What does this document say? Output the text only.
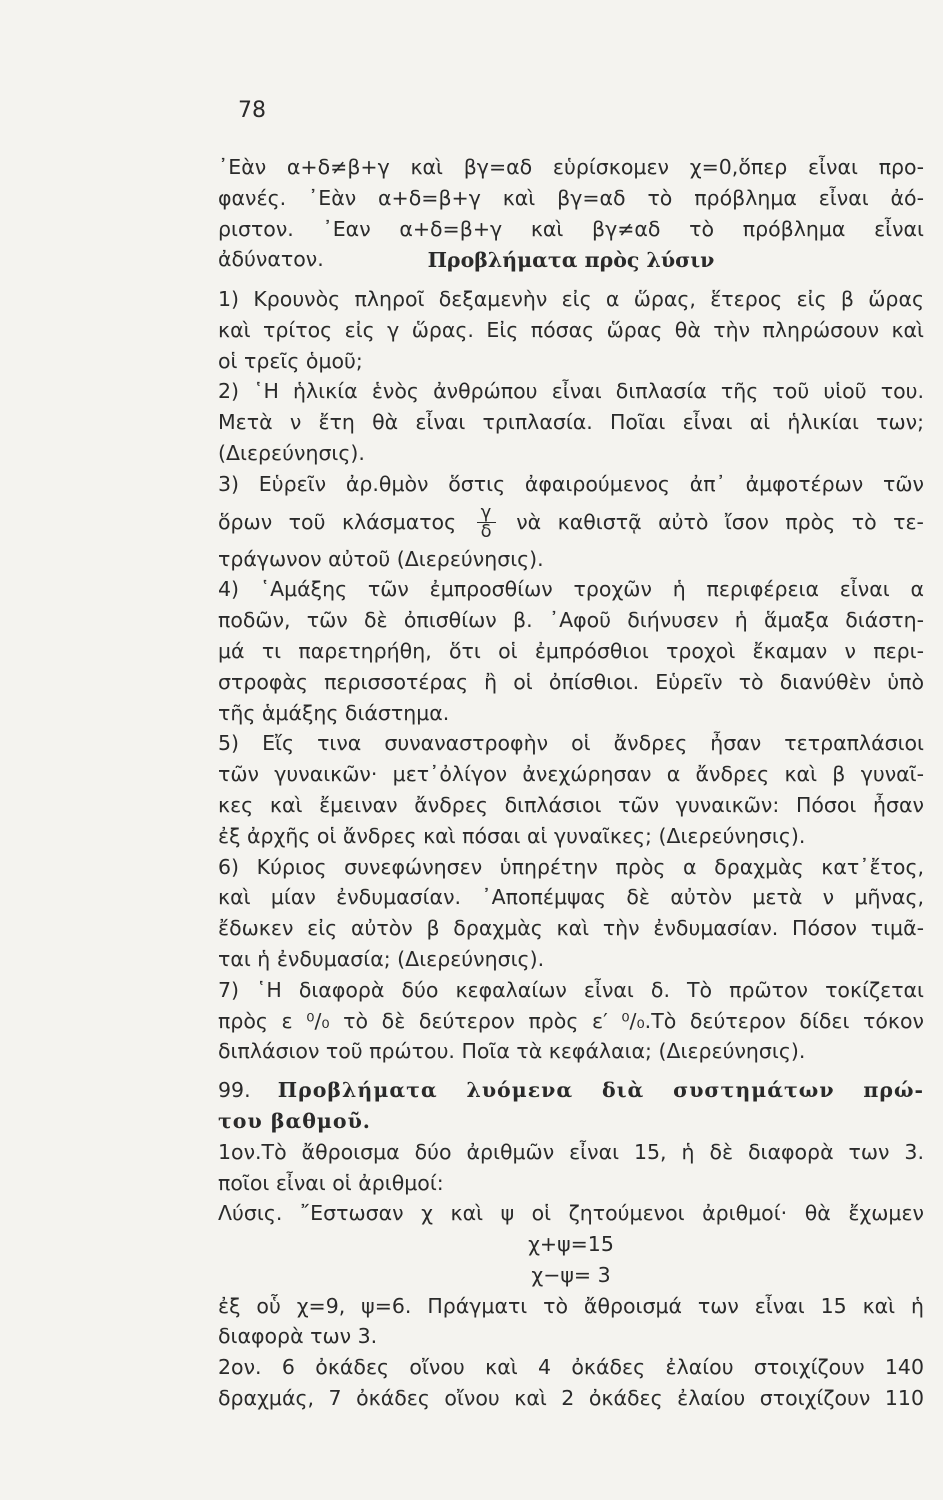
78

᾿Εὰν α+δ≠β+γ καὶ βγ=αδ εὑρίσκομεν χ=0,ὅπερ εἶναι προ-

φανές. ᾿Εὰν α+δ=β+γ καὶ βγ=αδ τὸ πρόβλημα εἶναι ἀό-

ριστον. ᾿Εαν α+δ=β+γ καὶ βγ≠αδ τὸ πρόβλημα εἶναι

ἀδύνατον.	Προβλήματα πρὸς λύσιν

1) Κρουνὸς πληροῖ δεξαμενὴν εἰς α ὥρας, ἕτερος εἰς β ὥρας

καὶ τρίτος εἰς γ ὥρας. Εἰς πόσας ὥρας θὰ τὴν πληρώσουν καὶ

οἱ τρεῖς ὁμοῦ;

2) ῾Η ἡλικία ἑνὸς ἀνθρώπου εἶναι διπλασία τῆς τοῦ υἱοῦ του.

Μετὰ ν ἔτη θὰ εἶναι τριπλασία. Ποῖαι εἶναι αἱ ἡλικίαι των;

(Διερεύνησις).

3) Εὑρεῖν ἀρ.θμὸν ὅστις ἀφαιρούμενος ἀπ᾿ ἀμφοτέρων τῶν

ὅρων τοῦ κλάσματος $\frac{\gamma}{\delta}$ νὰ καθιστᾷ αὐτὸ ἴσον πρὸς τὸ τε-

τράγωνον αὐτοῦ (Διερεύνησις).

4) ῾Αμάξης τῶν ἐμπροσθίων τροχῶν ἡ περιφέρεια εἶναι α

ποδῶν, τῶν δὲ ὀπισθίων β. ᾿Αφοῦ διήνυσεν ἡ ἅμαξα διάστη-

μά τι παρετηρήθη, ὅτι οἱ ἐμπρόσθιοι τροχοὶ ἔκαμαν ν περι-

στροφὰς περισσοτέρας ἢ οἱ ὀπίσθιοι. Εὑρεῖν τὸ διανύθὲν ὑπὸ

τῆς ἁμάξης διάστημα.

5) Εἴς τινα συναναστροφὴν οἱ ἄνδρες ἦσαν τετραπλάσιοι

τῶν γυναικῶν· μετ᾿ὀλίγον ἀνεχώρησαν α ἄνδρες καὶ β γυναῖ-

κες καὶ ἔμειναν ἄνδρες διπλάσιοι τῶν γυναικῶν: Πόσοι ἦσαν

ἐξ ἀρχῆς οἱ ἄνδρες καὶ πόσαι αἱ γυναῖκες; (Διερεύνησις).

6) Κύριος συνεφώνησεν ὑπηρέτην πρὸς α δραχμὰς κατ᾿ἔτος,

καὶ μίαν ἐνδυμασίαν. ᾿Αποπέμψας δὲ αὐτὸν μετὰ ν μῆνας,

ἔδωκεν εἰς αὐτὸν β δραχμὰς καὶ τὴν ἐνδυμασίαν. Πόσον τιμᾶ-

ται ἡ ἐνδυμασία; (Διερεύνησις).

7) ῾Η διαφορὰ δύο κεφαλαίων εἶναι δ. Τὸ πρῶτον τοκίζεται

πρὸς ε ⁰/₀ τὸ δὲ δεύτερον πρὸς ε′ ⁰/₀.Τὸ δεύτερον δίδει τόκον

διπλάσιον τοῦ πρώτου. Ποῖα τὰ κεφάλαια; (Διερεύνησις).

99. Προβλήματα λυόμενα διὰ συστημάτων πρώ-

του βαθμοῦ.

1ον.Τὸ ἄθροισμα δύο ἀριθμῶν εἶναι 15, ἡ δὲ διαφορὰ των 3.

ποῖοι εἶναι οἱ ἀριθμοί:

Λύσις. ῎Εστωσαν χ καὶ ψ οἱ ζητούμενοι ἀριθμοί· θὰ ἔχωμεν

χ+ψ=15

χ−ψ= 3

ἐξ οὗ χ=9, ψ=6. Πράγματι τὸ ἄθροισμά των εἶναι 15 καὶ ἡ

διαφορὰ των 3.

2ον. 6 ὀκάδες οἴνου καὶ 4 ὀκάδες ἐλαίου στοιχίζουν 140

δραχμάς, 7 ὀκάδες οἴνου καὶ 2 ὀκάδες ἐλαίου στοιχίζουν 110
